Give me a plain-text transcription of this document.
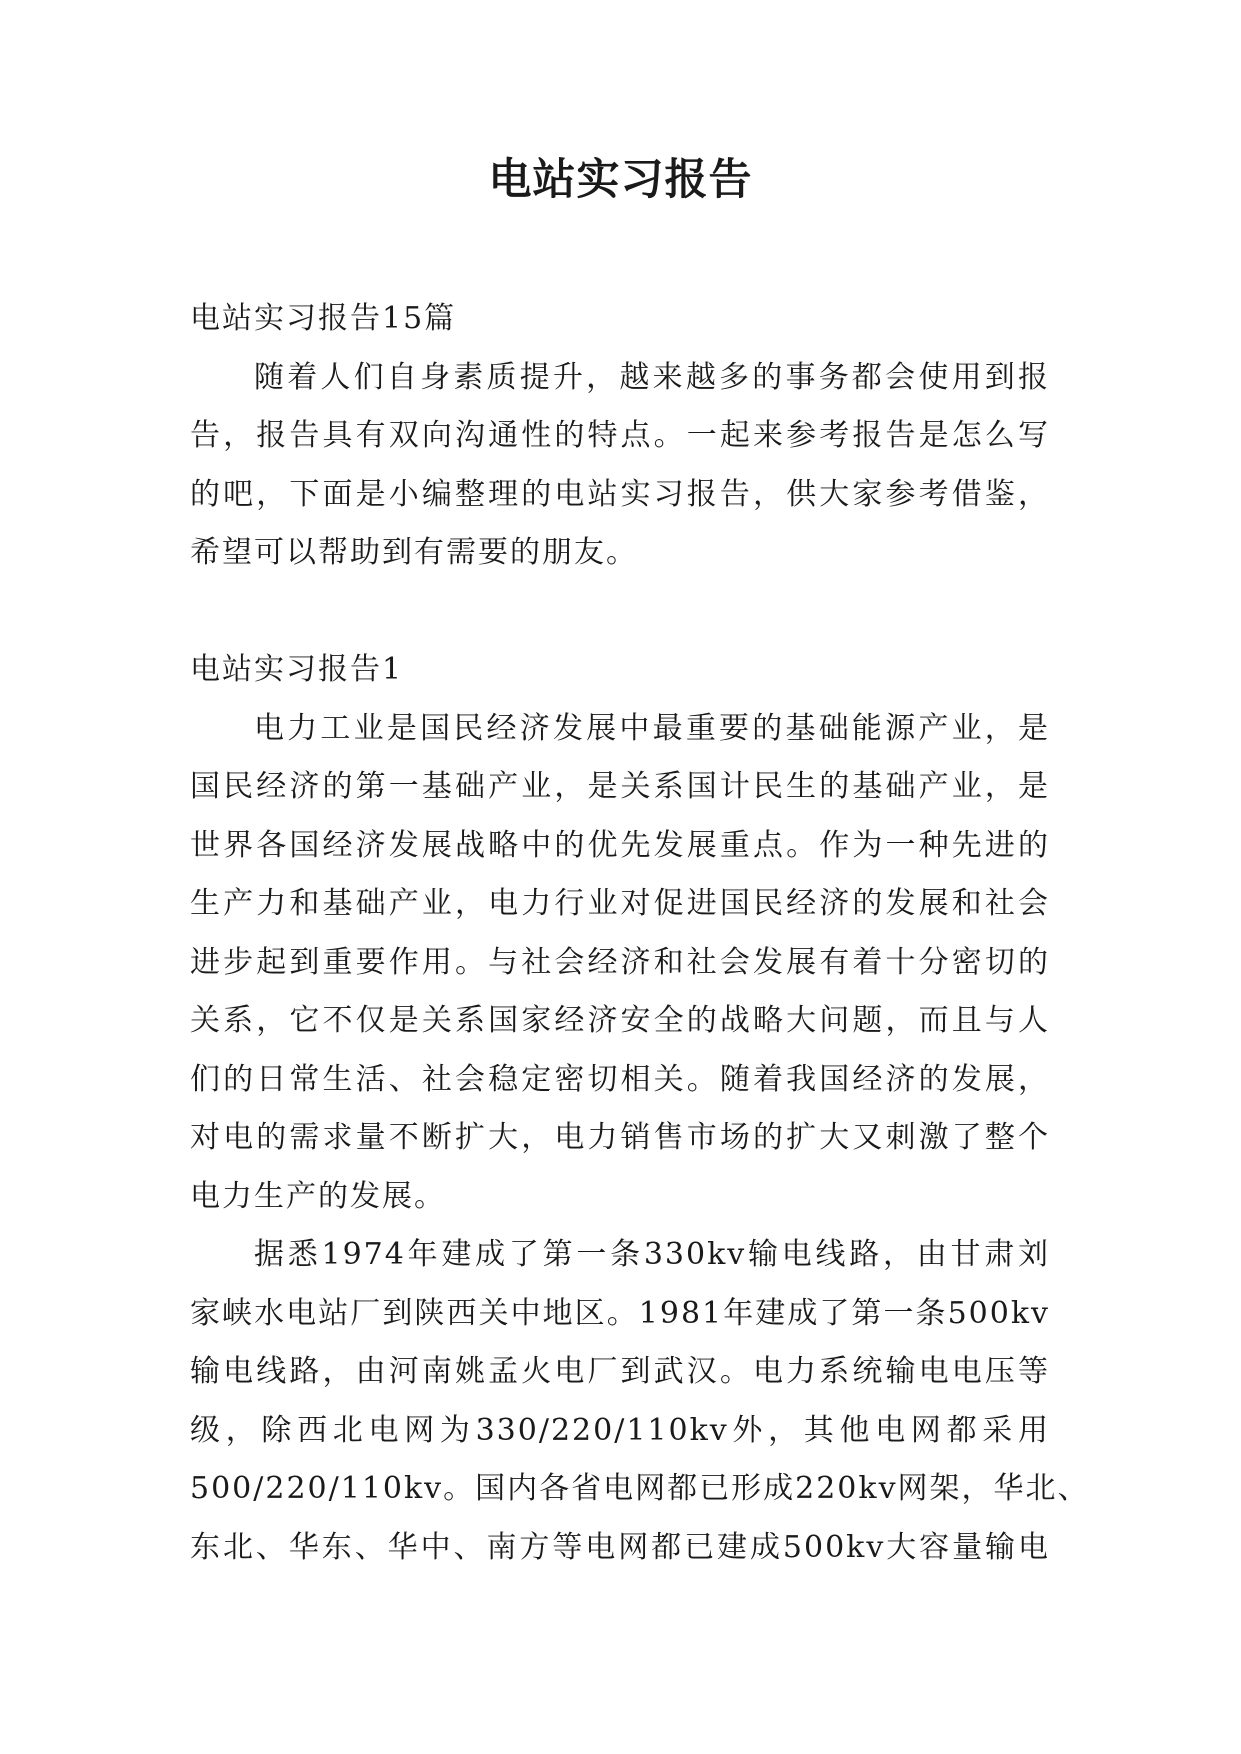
电站实习报告

电站实习报告15篇

随着人们自身素质提升，越来越多的事务都会使用到报

告，报告具有双向沟通性的特点。一起来参考报告是怎么写

的吧，下面是小编整理的电站实习报告，供大家参考借鉴，

希望可以帮助到有需要的朋友。

电站实习报告1

电力工业是国民经济发展中最重要的基础能源产业，是

国民经济的第一基础产业，是关系国计民生的基础产业，是

世界各国经济发展战略中的优先发展重点。作为一种先进的

生产力和基础产业，电力行业对促进国民经济的发展和社会

进步起到重要作用。与社会经济和社会发展有着十分密切的

关系，它不仅是关系国家经济安全的战略大问题，而且与人

们的日常生活、社会稳定密切相关。随着我国经济的发展，

对电的需求量不断扩大，电力销售市场的扩大又刺激了整个

电力生产的发展。

据悉1974年建成了第一条330kv输电线路，由甘肃刘

家峡水电站厂到陕西关中地区。1981年建成了第一条500kv

输电线路，由河南姚孟火电厂到武汉。电力系统输电电压等

级，除西北电网为330/220/110kv外，其他电网都采用

500/220/110kv。国内各省电网都已形成220kv网架，华北、

东北、华东、华中、南方等电网都已建成500kv大容量输电
